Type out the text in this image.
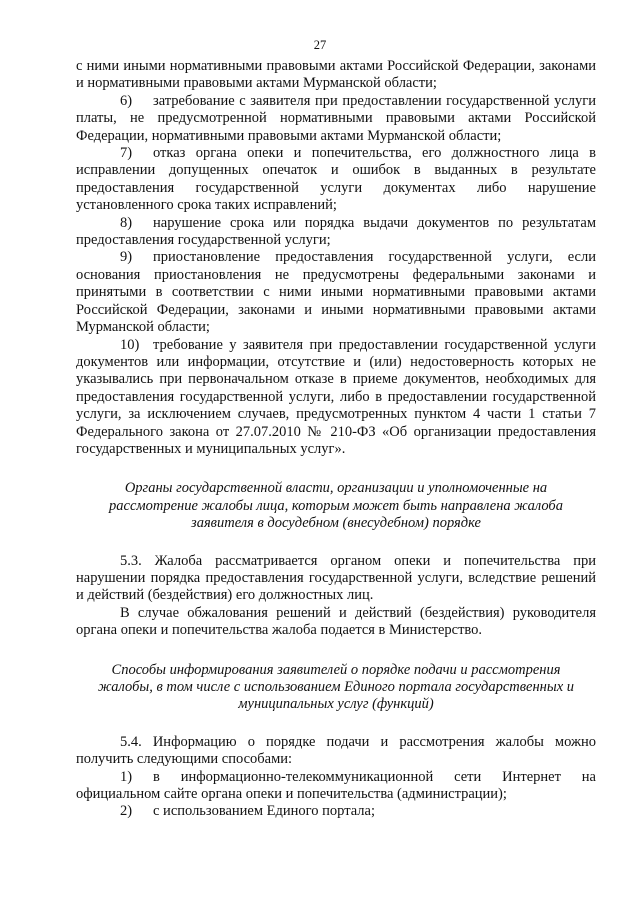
27

с ними иными нормативными правовыми актами Российской Федерации, законами и нормативными правовыми актами Мурманской области;

6) затребование с заявителя при предоставлении государственной услуги платы, не предусмотренной нормативными правовыми актами Российской Федерации, нормативными правовыми актами Мурманской области;

7) отказ органа опеки и попечительства, его должностного лица в исправлении допущенных опечаток и ошибок в выданных в результате предоставления государственной услуги документах либо нарушение установленного срока таких исправлений;

8) нарушение срока или порядка выдачи документов по результатам предоставления государственной услуги;

9) приостановление предоставления государственной услуги, если основания приостановления не предусмотрены федеральными законами и принятыми в соответствии с ними иными нормативными правовыми актами Российской Федерации, законами и иными нормативными правовыми актами Мурманской области;

10) требование у заявителя при предоставлении государственной услуги документов или информации, отсутствие и (или) недостоверность которых не указывались при первоначальном отказе в приеме документов, необходимых для предоставления государственной услуги, либо в предоставлении государственной услуги, за исключением случаев, предусмотренных пунктом 4 части 1 статьи 7 Федерального закона от 27.07.2010 № 210-ФЗ «Об организации предоставления государственных и муниципальных услуг».

Органы государственной власти, организации и уполномоченные на рассмотрение жалобы лица, которым может быть направлена жалоба заявителя в досудебном (внесудебном) порядке

5.3. Жалоба рассматривается органом опеки и попечительства при нарушении порядка предоставления государственной услуги, вследствие решений и действий (бездействия) его должностных лиц.

В случае обжалования решений и действий (бездействия) руководителя органа опеки и попечительства жалоба подается в Министерство.

Способы информирования заявителей о порядке подачи и рассмотрения жалобы, в том числе с использованием Единого портала государственных и муниципальных услуг (функций)

5.4. Информацию о порядке подачи и рассмотрения жалобы можно получить следующими способами:

1) в информационно-телекоммуникационной сети Интернет на официальном сайте органа опеки и попечительства (администрации);

2) с использованием Единого портала;
